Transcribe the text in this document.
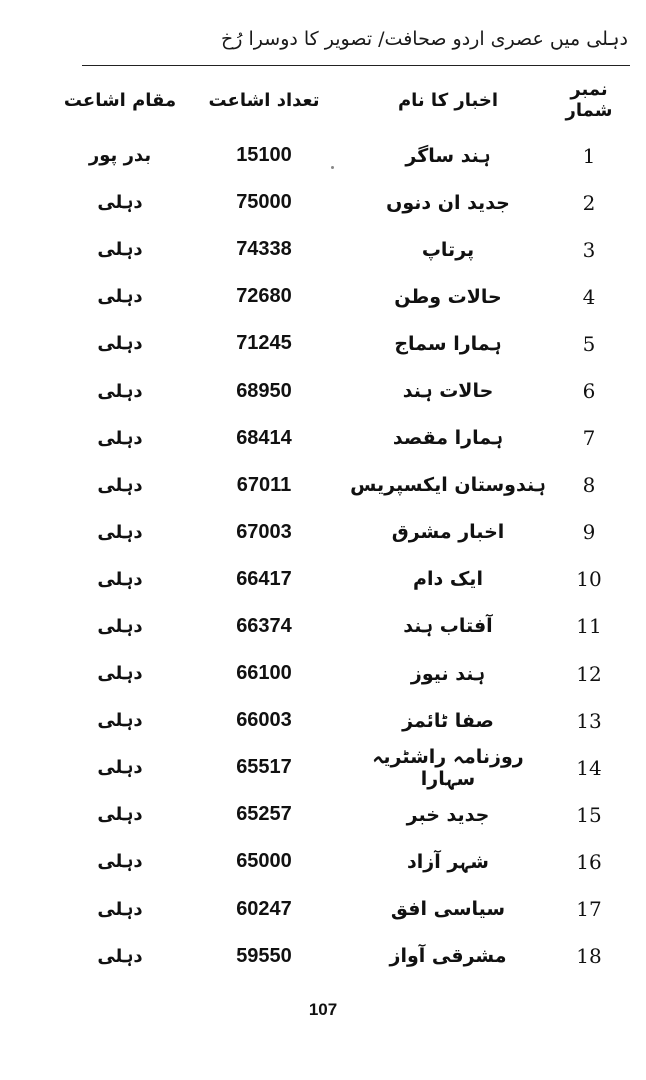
دہلی میں عصری اردو صحافت/ تصویر کا دوسرا رُخ
نمبر شمار
اخبار کا نام
تعداد اشاعت
مقام اشاعت
1
ہند ساگر
15100
بدر پور
2
جدید ان دنوں
75000
دہلی
3
پرتاپ
74338
دہلی
4
حالات وطن
72680
دہلی
5
ہمارا سماج
71245
دہلی
6
حالات ہند
68950
دہلی
7
ہمارا مقصد
68414
دہلی
8
ہندوستان ایکسپریس
67011
دہلی
9
اخبار مشرق
67003
دہلی
10
ایک دام
66417
دہلی
11
آفتاب ہند
66374
دہلی
12
ہند نیوز
66100
دہلی
13
صفا ٹائمز
66003
دہلی
14
روزنامہ راشٹریہ سہارا
65517
دہلی
15
جدید خبر
65257
دہلی
16
شہر آزاد
65000
دہلی
17
سیاسی افق
60247
دہلی
18
مشرقی آواز
59550
دہلی
107
